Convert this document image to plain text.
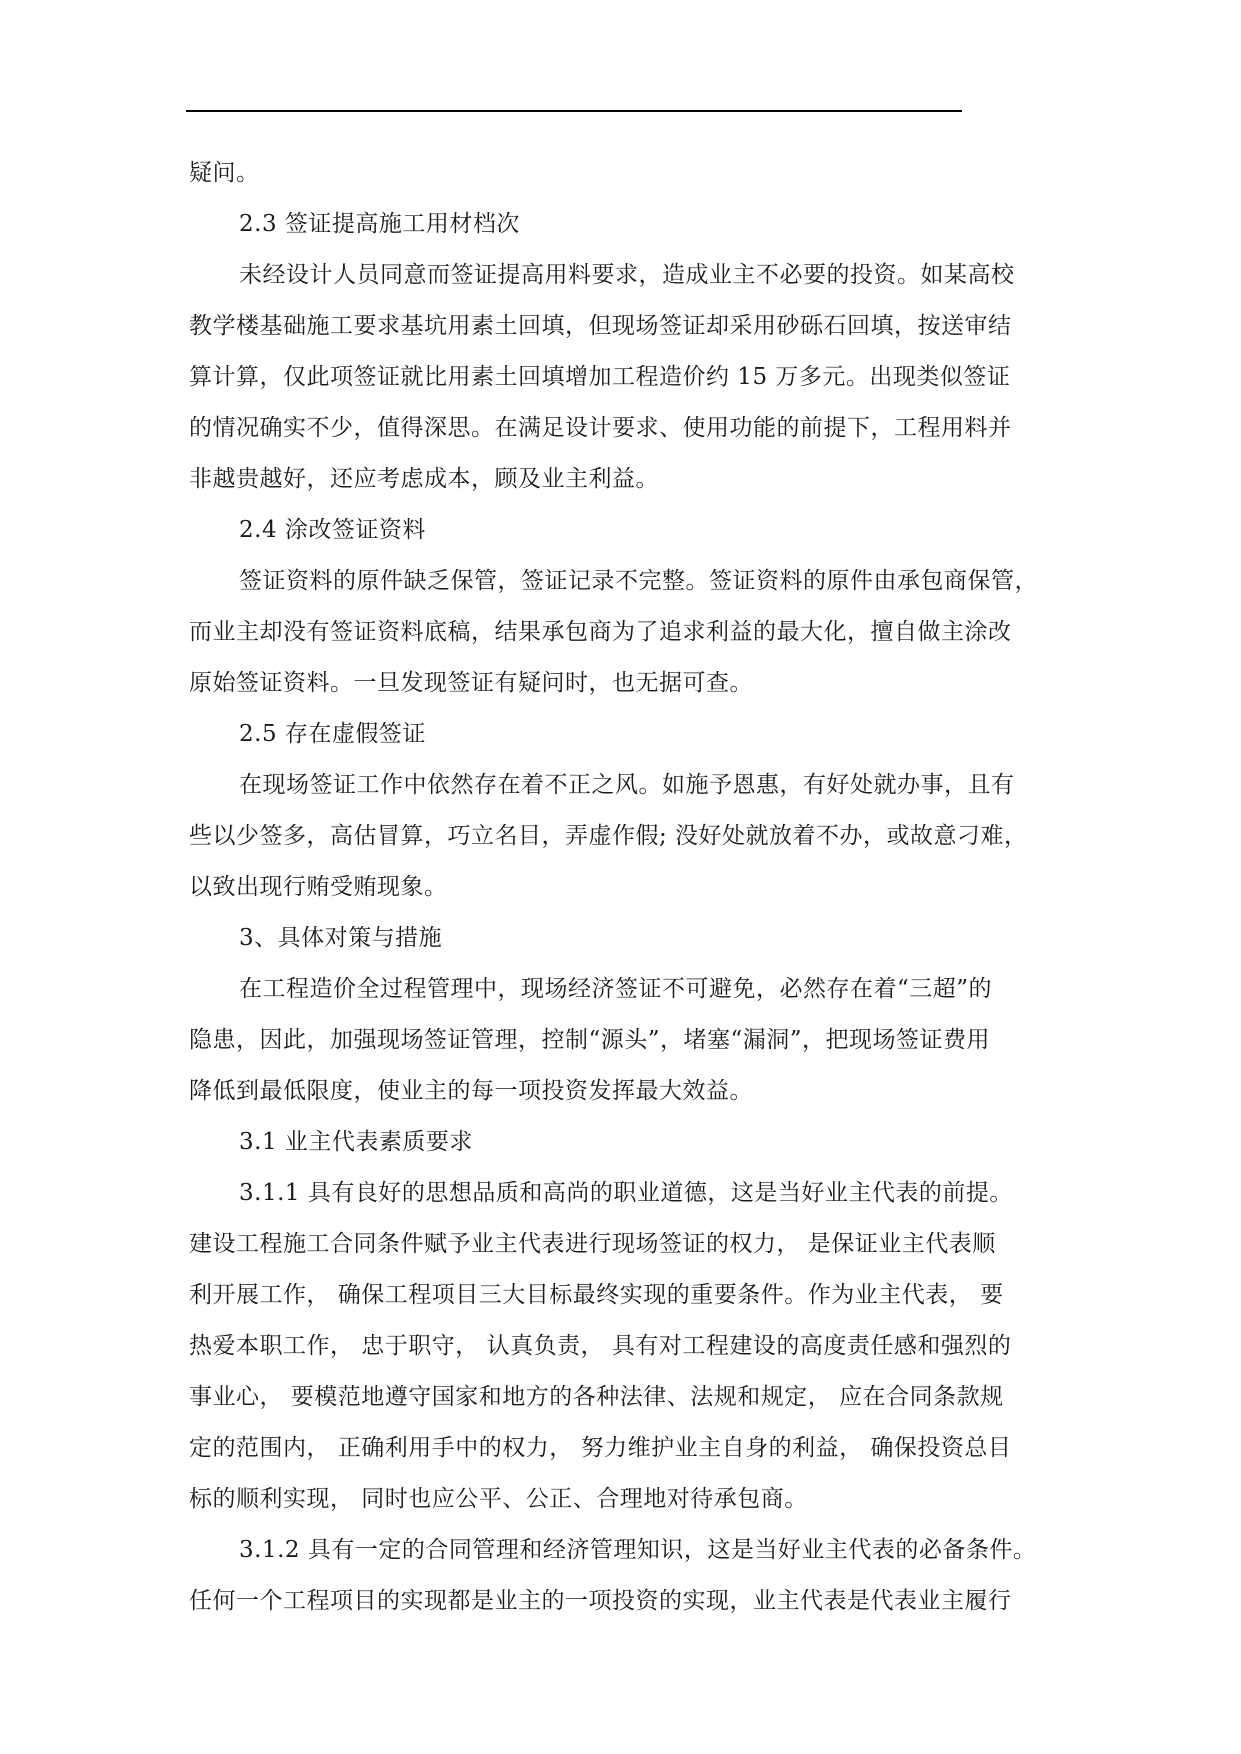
疑问。
2.3 签证提高施工用材档次
未经设计人员同意而签证提高用料要求，造成业主不必要的投资。如某高校
教学楼基础施工要求基坑用素土回填，但现场签证却采用砂砾石回填，按送审结
算计算，仅此项签证就比用素土回填增加工程造价约 15 万多元。出现类似签证
的情况确实不少，值得深思。在满足设计要求、使用功能的前提下，工程用料并
非越贵越好，还应考虑成本，顾及业主利益。
2.4 涂改签证资料
签证资料的原件缺乏保管，签证记录不完整。签证资料的原件由承包商保管，
而业主却没有签证资料底稿，结果承包商为了追求利益的最大化，擅自做主涂改
原始签证资料。一旦发现签证有疑问时，也无据可查。
2.5 存在虚假签证
在现场签证工作中依然存在着不正之风。如施予恩惠，有好处就办事，且有
些以少签多，高估冒算，巧立名目，弄虚作假; 没好处就放着不办，或故意刁难，
以致出现行贿受贿现象。
3、具体对策与措施
在工程造价全过程管理中，现场经济签证不可避免，必然存在着“三超”的
隐患，因此，加强现场签证管理，控制“源头”，堵塞“漏洞”，把现场签证费用
降低到最低限度，使业主的每一项投资发挥最大效益。
3.1 业主代表素质要求
3.1.1 具有良好的思想品质和高尚的职业道德，这是当好业主代表的前提。
建设工程施工合同条件赋予业主代表进行现场签证的权力， 是保证业主代表顺
利开展工作， 确保工程项目三大目标最终实现的重要条件。作为业主代表， 要
热爱本职工作， 忠于职守， 认真负责， 具有对工程建设的高度责任感和强烈的
事业心， 要模范地遵守国家和地方的各种法律、法规和规定， 应在合同条款规
定的范围内， 正确利用手中的权力， 努力维护业主自身的利益， 确保投资总目
标的顺利实现， 同时也应公平、公正、合理地对待承包商。
3.1.2 具有一定的合同管理和经济管理知识，这是当好业主代表的必备条件。
任何一个工程项目的实现都是业主的一项投资的实现，业主代表是代表业主履行
